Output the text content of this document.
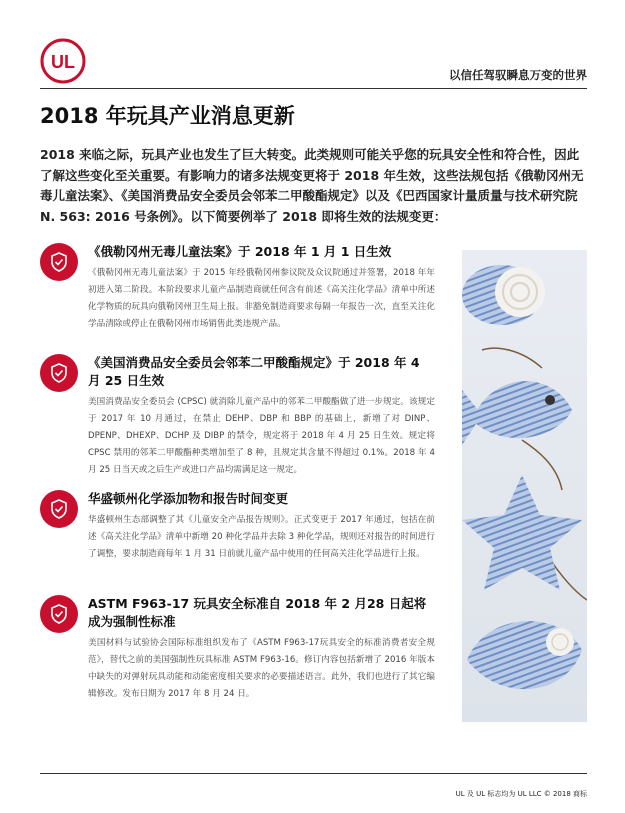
UL
以信任驾驭瞬息万变的世界
2018 年玩具产业消息更新
2018 来临之际，玩具产业也发生了巨大转变。此类规则可能关乎您的玩具安全性和符合性，因此了解这些变化至关重要。有影响力的诸多法规变更将于 2018 年生效，这些法规包括《俄勒冈州无毒儿童法案》、《美国消费品安全委员会邻苯二甲酸酯规定》以及《巴西国家计量质量与技术研究院 N. 563: 2016 号条例》。以下简要例举了 2018 即将生效的法规变更：
《俄勒冈州无毒儿童法案》于 2018 年 1 月 1 日生效
《俄勒冈州无毒儿童法案》于 2015 年经俄勒冈州参议院及众议院通过并签署，2018 年年初进入第二阶段。本阶段要求儿童产品制造商就任何含有前述《高关注化学品》清单中所述化学物质的玩具向俄勒冈州卫生局上报。非豁免制造商要求每隔一年报告一次，直至关注化学品清除或停止在俄勒冈州市场销售此类违规产品。
《美国消费品安全委员会邻苯二甲酸酯规定》于 2018 年 4 月 25 日生效
美国消费品安全委员会 (CPSC) 就消除儿童产品中的邻苯二甲酸酯做了进一步规定。该规定于 2017 年 10 月通过，在禁止 DEHP、DBP 和 BBP 的基础上，新增了对 DINP、DPENP、DHEXP、DCHP 及 DIBP 的禁令，规定将于 2018 年 4 月 25 日生效。规定将 CPSC 禁用的邻苯二甲酸酯种类增加至了 8 种，且规定其含量不得超过 0.1%。2018 年 4 月 25 日当天或之后生产或进口产品均需满足这一规定。
华盛顿州化学添加物和报告时间变更
华盛顿州生态部调整了其《儿童安全产品报告规则》。正式变更于 2017 年通过，包括在前述《高关注化学品》清单中新增 20 种化学品并去除 3 种化学品，规则还对报告的时间进行了调整，要求制造商每年 1 月 31 日前就儿童产品中使用的任何高关注化学品进行上报。
ASTM F963-17 玩具安全标准自 2018 年 2 月28 日起将成为强制性标准
美国材料与试验协会国际标准组织发布了《ASTM F963-17玩具安全的标准消费者安全规范》，替代之前的美国强制性玩具标准 ASTM F963-16。修订内容包括新增了 2016 年版本中缺失的对弹射玩具动能和动能密度相关要求的必要描述语言。此外，我们也进行了其它编辑修改。发布日期为 2017 年 8 月 24 日。
UL 及 UL 标志均为 UL LLC © 2018 商标
